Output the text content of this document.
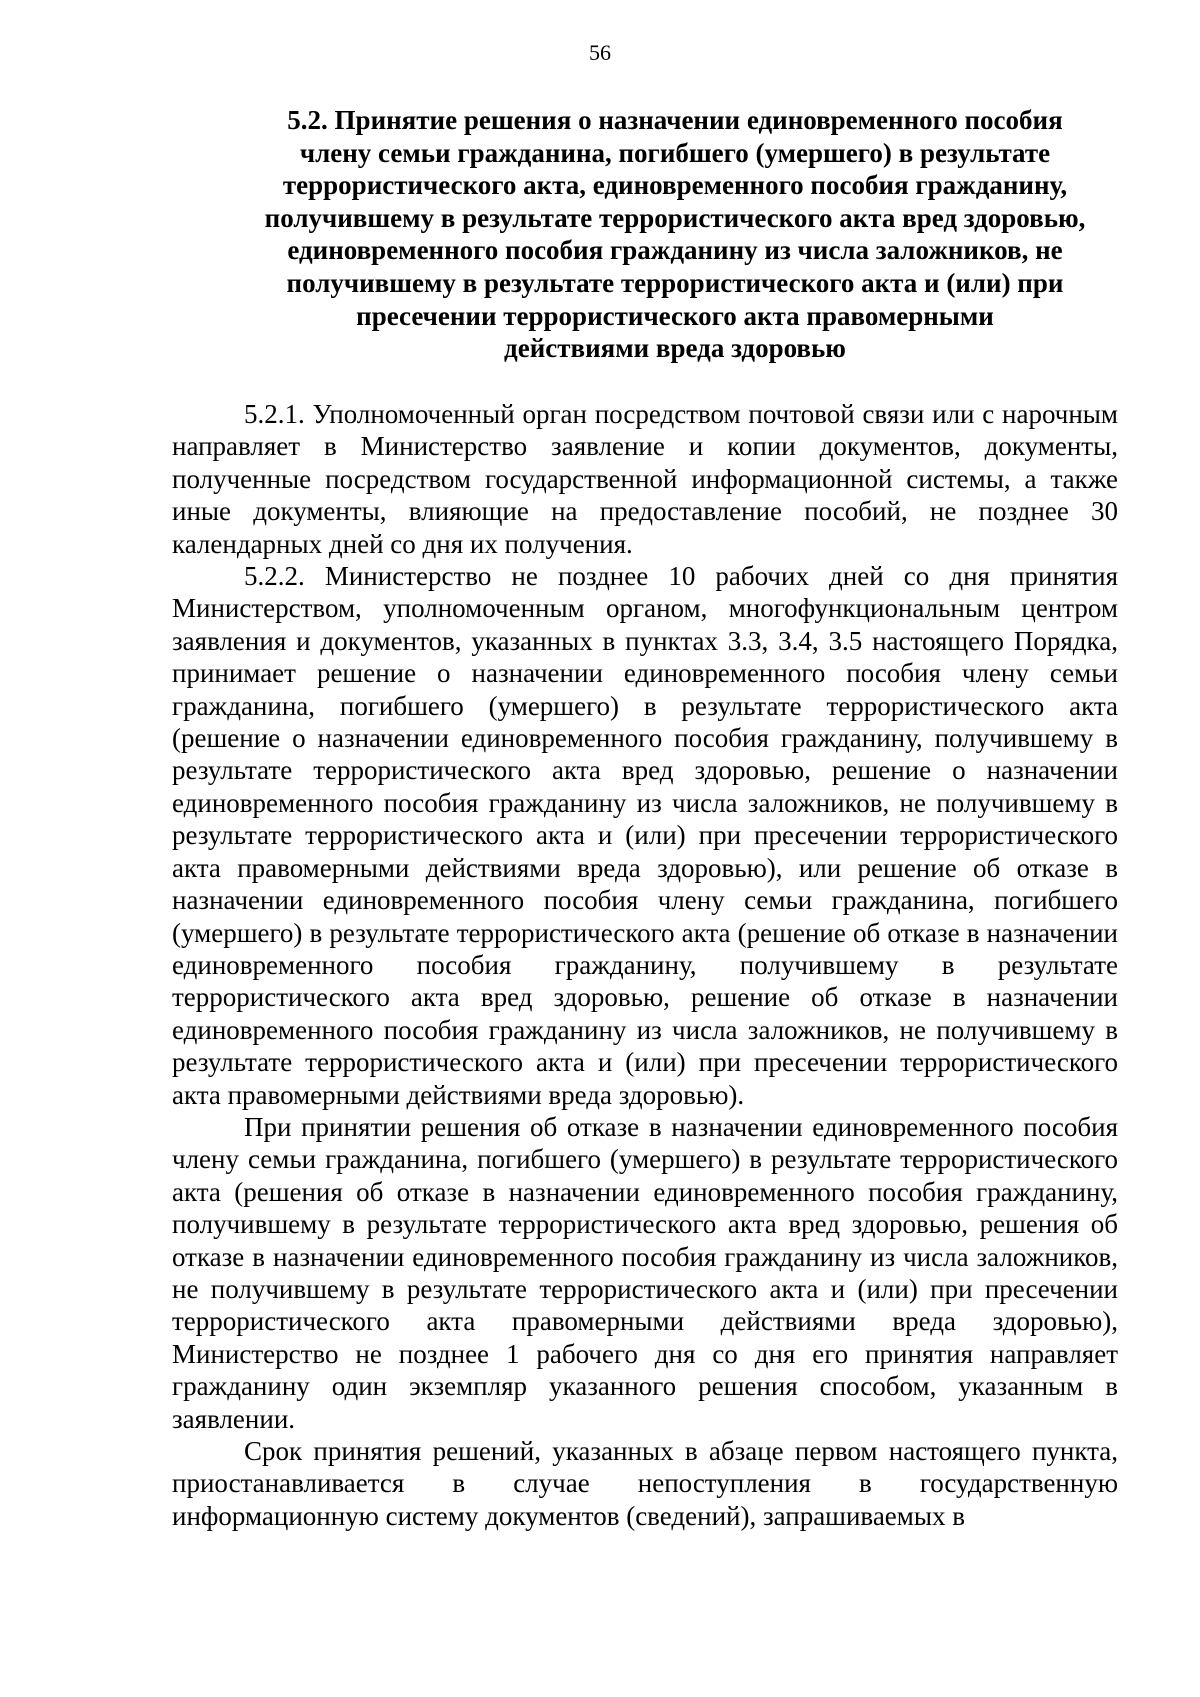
56
5.2. Принятие решения о назначении единовременного пособия
члену семьи гражданина, погибшего (умершего) в результате
террористического акта, единовременного пособия гражданину,
получившему в результате террористического акта вред здоровью,
единовременного пособия гражданину из числа заложников, не
получившему в результате террористического акта и (или) при
пресечении террористического акта правомерными
действиями вреда здоровью

5.2.1. Уполномоченный орган посредством почтовой связи или с нарочным направляет в Министерство заявление и копии документов, документы, полученные посредством государственной информационной системы, а также иные документы, влияющие на предоставление пособий, не позднее 30 календарных дней со дня их получения.

5.2.2. Министерство не позднее 10 рабочих дней со дня принятия Министерством, уполномоченным органом, многофункциональным центром заявления и документов, указанных в пунктах 3.3, 3.4, 3.5 настоящего Порядка, принимает решение о назначении единовременного пособия члену семьи гражданина, погибшего (умершего) в результате террористического акта (решение о назначении единовременного пособия гражданину, получившему в результате террористического акта вред здоровью, решение о назначении единовременного пособия гражданину из числа заложников, не получившему в результате террористического акта и (или) при пресечении террористического акта правомерными действиями вреда здоровью), или решение об отказе в назначении единовременного пособия члену семьи гражданина, погибшего (умершего) в результате террористического акта (решение об отказе в назначении единовременного пособия гражданину, получившему в результате террористического акта вред здоровью, решение об отказе в назначении единовременного пособия гражданину из числа заложников, не получившему в результате террористического акта и (или) при пресечении террористического акта правомерными действиями вреда здоровью).

При принятии решения об отказе в назначении единовременного пособия члену семьи гражданина, погибшего (умершего) в результате террористического акта (решения об отказе в назначении единовременного пособия гражданину, получившему в результате террористического акта вред здоровью, решения об отказе в назначении единовременного пособия гражданину из числа заложников, не получившему в результате террористического акта и (или) при пресечении террористического акта правомерными действиями вреда здоровью), Министерство не позднее 1 рабочего дня со дня его принятия направляет гражданину один экземпляр указанного решения способом, указанным в заявлении.

Срок принятия решений, указанных в абзаце первом настоящего пункта, приостанавливается в случае непоступления в государственную информационную систему документов (сведений), запрашиваемых в
